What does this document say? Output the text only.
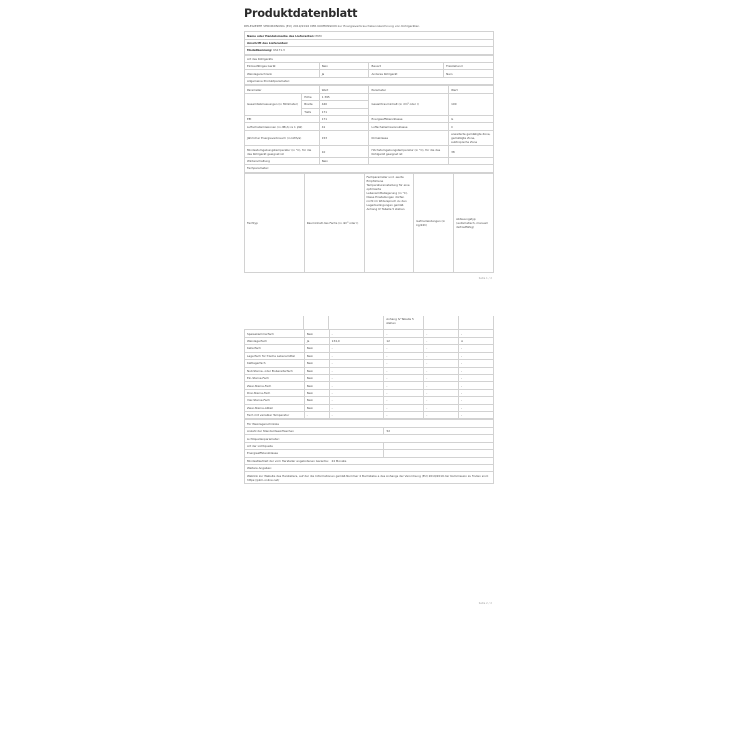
Produktdatenblatt
DELEGIERTE VERORDNUNG (EU) 2019/2016 DER KOMMISSION zur Energieverbrauchskennzeichnung von Kühlgeräten
Name oder Handelsmarke des Lieferanten: PKM
Anschrift des Lieferanten:
Modellkennung: KS171.3
Art des Kühlgeräts			
Einbaufähiges Gerät	Nein	Bauart	Freistehend
Weinlagerschrank	Ja	Anderes Kühlgerät	Nein
Allgemeine Produktparameter:			
Parameter		Wert	Parameter	Wert
Gesamtabmessungen (in Millimeter)	Höhe	1 395	Gesamtrauminhalt (in dm³ oder l)	190
	Breite	440		
	Tiefe	171		
EEI		171	Energieeffizienzklasse	G
Luftschallemissionen (in dB(A) re 1 pW)		41	Luftschallemissionsklasse	C
Jährlicher Energieverbrauch (in kWh/a)		153	Klimaklasse	erweiterte gemäßigte Zone, gemäßigte Zone, subtropische Zone
Mindestumgebungstemperatur (in °C), für die das Kühlgerät geeignet ist		10	Höchstumgebungstemperatur (in °C), für die das Kühlgerät geeignet ist	38
Winterschaltung		Nein		
Fachparameter:				
Fachtyp	Rauminhalt des Fachs (in dm³ oder l)	Fachparameter und -werte Empfohlene Temperatureinstellung für eine optimierte Lebensmittellagerung (in °C). Diese Einstellungen dürfen nicht im Widerspruch zu den Lagerbedingungen gemäß Anhang IV Tabelle 5 stehen	Gefrierleistungen (in kg/24h)	Abtauungstyp (automatisch, manuell defrostfähig)
Seite 1 / 2
			Anhang IV Tabelle 5 stehen		
Speisekammerfach	Nein	-	-	-	-
Weinlagerfach	Ja	134,0	12	-	A
Kellerfach	Nein	-	-	-	-
Lagerfach für frische Lebensmittel	Nein	-	-	-	-
Kaltlagerfach	Nein	-	-	-	-
Null-Sterne- oder Eisbereiterfach	Nein	-	-	-	-
Ein-Sterne-Fach	Nein	-	-	-	-
Zwei-Sterne-Fach	Nein	-	-	-	-
Drei-Sterne-Fach	Nein	-	-	-	-
Vier-Sterne-Fach	Nein	-	-	-	-
Zwei-Sterne-Abteil	Nein	-	-	-	-
Fach mit variabler Temperatur	-	-	-	-	-
Für Weinlagerschränke	
Anzahl der Standardweinflaschen	52
Lichtquellenparameter:	
Art der Lichtquelle	
Energieeffizienzklasse	
Mindestlaufzeit der vom Hersteller angebotenen Garantie: 24 Monate	
Weitere Angaben:	
Weblink zur Website des Herstellers, auf der die Informationen gemäß Nummer 4 Buchstabe a des Anhangs der Verordnung (EU) 2019/2019 der Kommission zu finden sind: https://pkm-online.net/	
Seite 2 / 2
